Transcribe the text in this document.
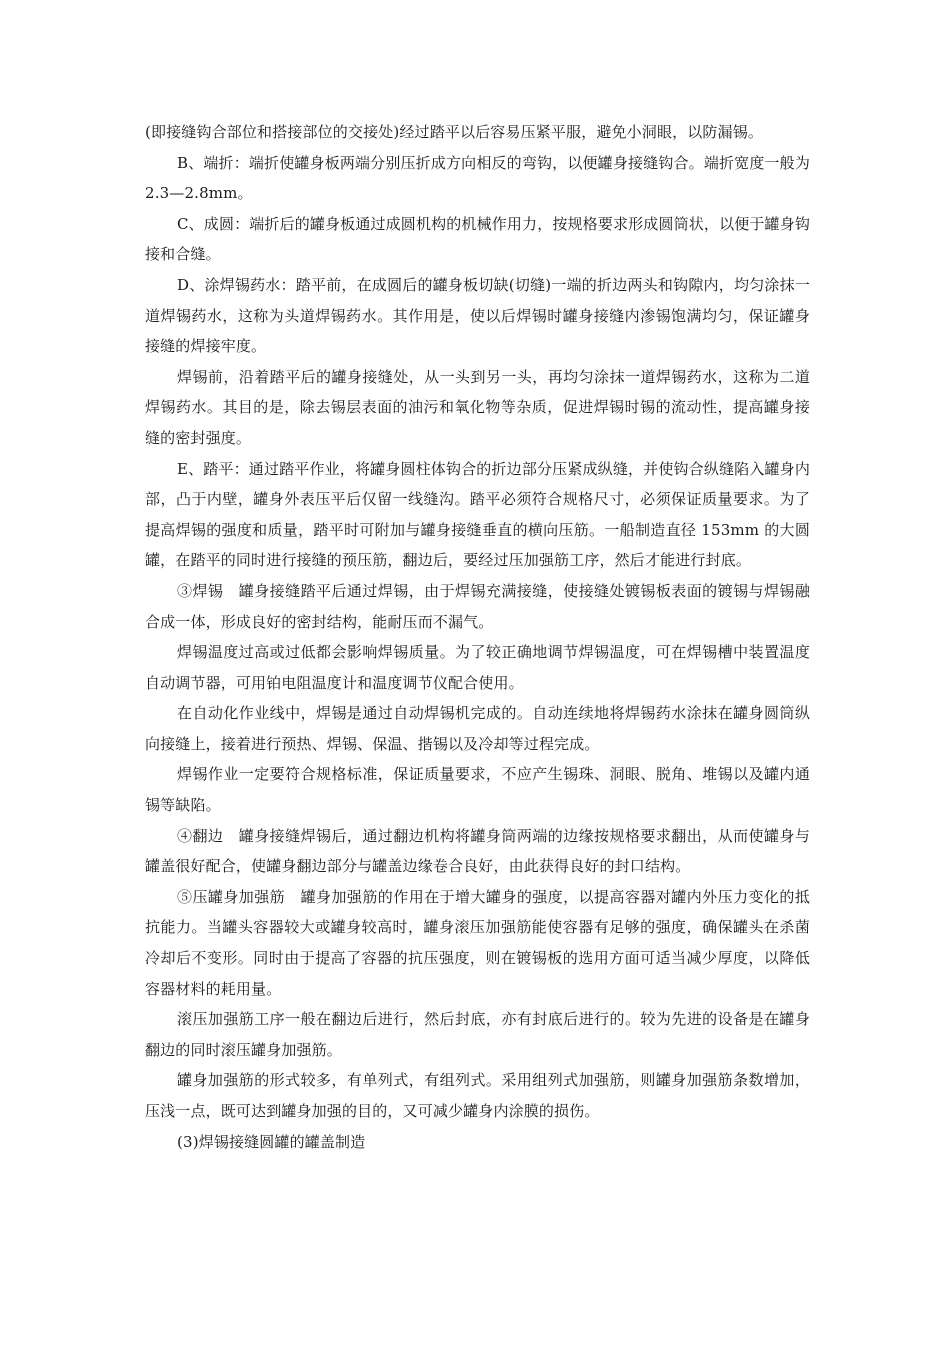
(即接缝钩合部位和搭接部位的交接处)经过踏平以后容易压紧平服，避免小洞眼，以防漏锡。

B、端折：端折使罐身板两端分别压折成方向相反的弯钩，以便罐身接缝钩合。端折宽度一般为 2.3—2.8mm。

C、成圆：端折后的罐身板通过成圆机构的机械作用力，按规格要求形成圆筒状，以便于罐身钩接和合缝。

D、涂焊锡药水：踏平前，在成圆后的罐身板切缺(切缝)一端的折边两头和钩隙内，均匀涂抹一道焊锡药水，这称为头道焊锡药水。其作用是，使以后焊锡时罐身接缝内渗锡饱满均匀，保证罐身接缝的焊接牢度。

焊锡前，沿着踏平后的罐身接缝处，从一头到另一头，再均匀涂抹一道焊锡药水，这称为二道焊锡药水。其目的是，除去锡层表面的油污和氧化物等杂质，促进焊锡时锡的流动性，提高罐身接缝的密封强度。

E、踏平：通过踏平作业，将罐身圆柱体钩合的折边部分压紧成纵缝，并使钩合纵缝陷入罐身内部，凸于内壁，罐身外表压平后仅留一线缝沟。踏平必须符合规格尺寸，必须保证质量要求。为了提高焊锡的强度和质量，踏平时可附加与罐身接缝垂直的横向压筋。一船制造直径 153mm 的大圆罐，在踏平的同时进行接缝的预压筋，翻边后，要经过压加强筋工序，然后才能进行封底。

③焊锡　罐身接缝踏平后通过焊锡，由于焊锡充满接缝，使接缝处镀锡板表面的镀锡与焊锡融合成一体，形成良好的密封结构，能耐压而不漏气。

焊锡温度过高或过低都会影响焊锡质量。为了较正确地调节焊锡温度，可在焊锡槽中装置温度自动调节器，可用铂电阻温度计和温度调节仪配合使用。

在自动化作业线中，焊锡是通过自动焊锡机完成的。自动连续地将焊锡药水涂抹在罐身圆筒纵向接缝上，接着进行预热、焊锡、保温、揩锡以及冷却等过程完成。

焊锡作业一定要符合规格标准，保证质量要求，不应产生锡珠、洞眼、脱角、堆锡以及罐内通锡等缺陷。

④翻边　罐身接缝焊锡后，通过翻边机构将罐身筒两端的边缘按规格要求翻出，从而使罐身与罐盖很好配合，使罐身翻边部分与罐盖边缘卷合良好，由此获得良好的封口结构。

⑤压罐身加强筋　罐身加强筋的作用在于增大罐身的强度，以提高容器对罐内外压力变化的抵抗能力。当罐头容器较大或罐身较高时，罐身滚压加强筋能使容器有足够的强度，确保罐头在杀菌冷却后不变形。同时由于提高了容器的抗压强度，则在镀锡板的选用方面可适当减少厚度，以降低容器材料的耗用量。

滚压加强筋工序一般在翻边后进行，然后封底，亦有封底后进行的。较为先进的设备是在罐身翻边的同时滚压罐身加强筋。

罐身加强筋的形式较多，有单列式，有组列式。采用组列式加强筋，则罐身加强筋条数增加，压浅一点，既可达到罐身加强的目的，又可减少罐身内涂膜的损伤。

(3)焊锡接缝圆罐的罐盖制造
